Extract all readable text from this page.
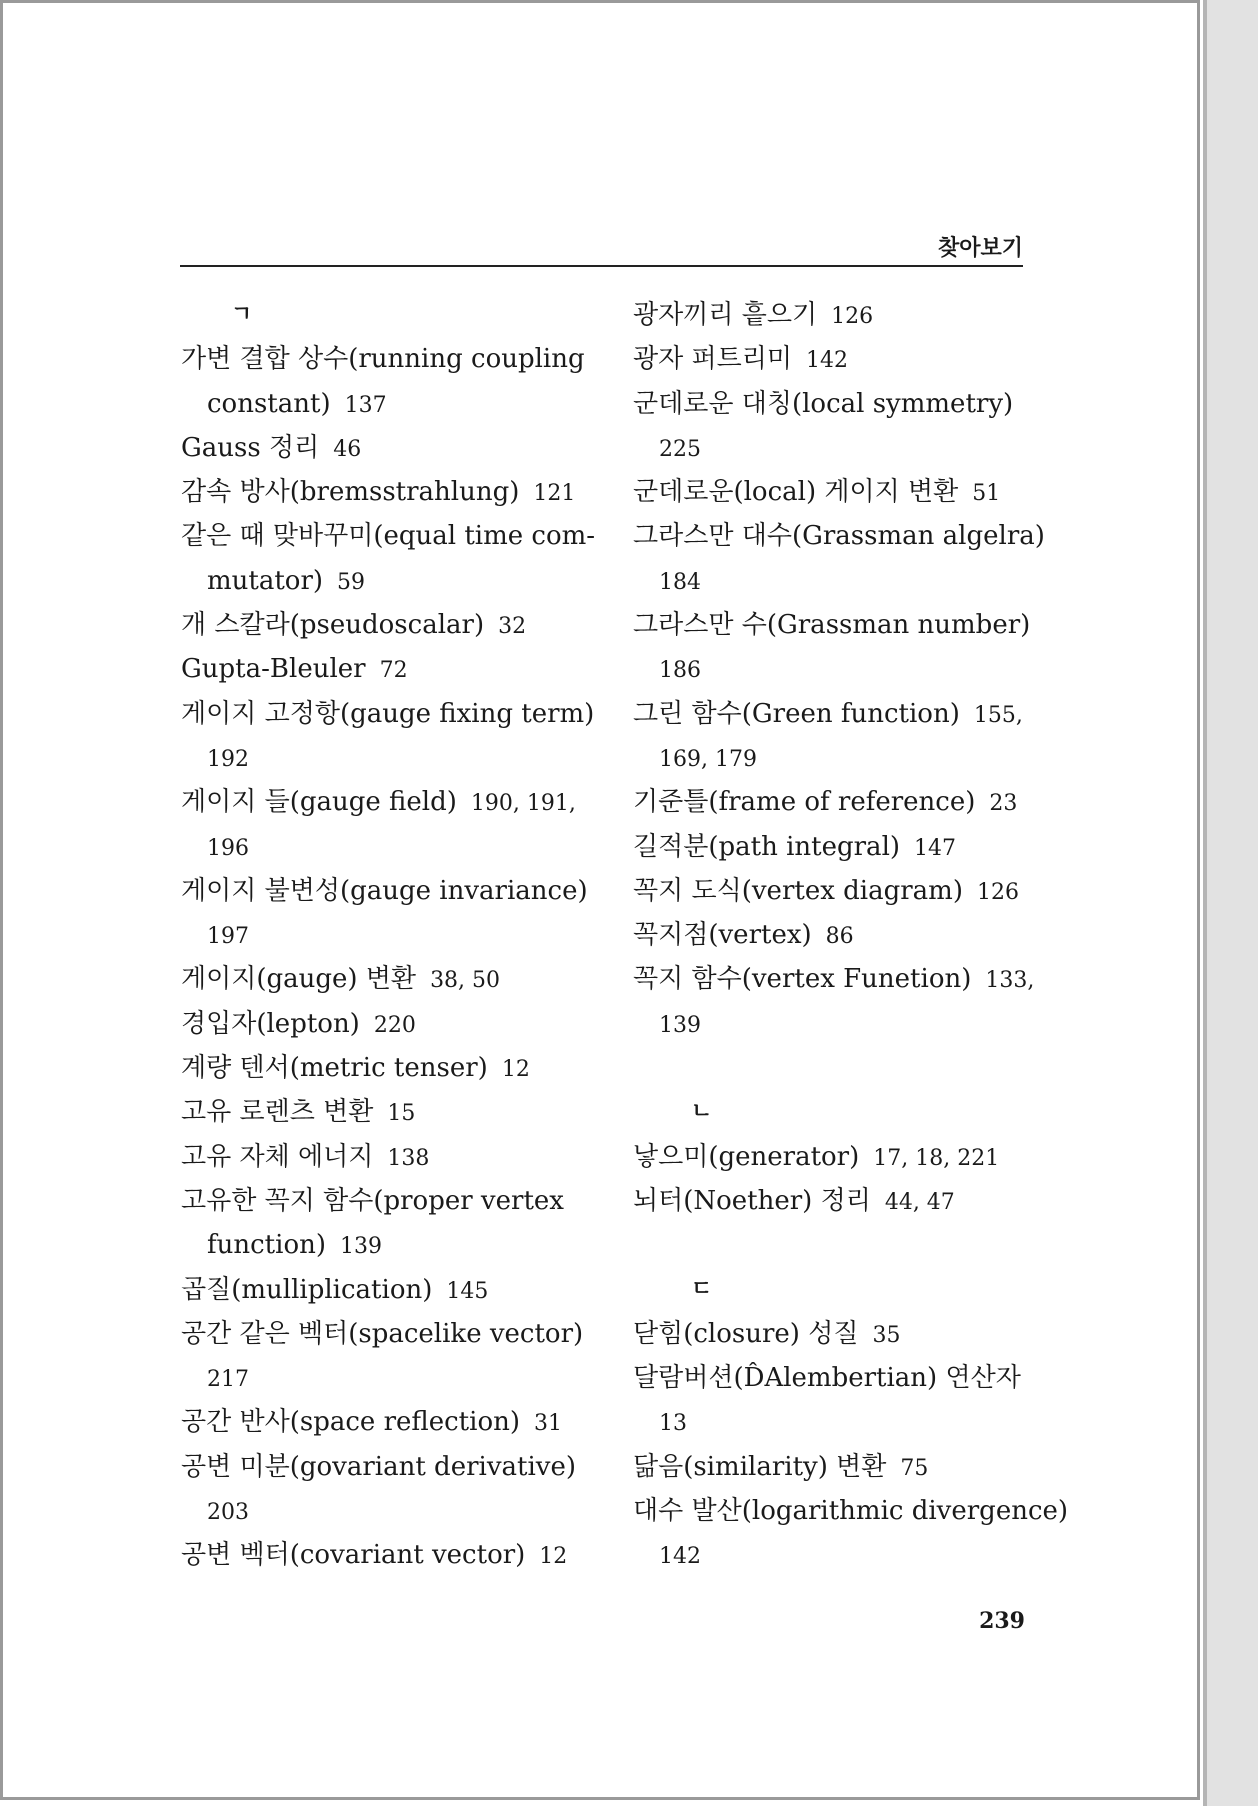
찾아보기
ㄱ
가변 결합 상수(running coupling
constant) 137
Gauss 정리 46
감속 방사(bremsstrahlung) 121
같은 때 맞바꾸미(equal time com-
mutator) 59
개 스칼라(pseudoscalar) 32
Gupta-Bleuler 72
게이지 고정항(gauge fixing term)
192
게이지 들(gauge field) 190, 191,
196
게이지 불변성(gauge invariance)
197
게이지(gauge) 변환 38, 50
경입자(lepton) 220
계량 텐서(metric tenser) 12
고유 로렌츠 변환 15
고유 자체 에너지 138
고유한 꼭지 함수(proper vertex
function) 139
곱질(mulliplication) 145
공간 같은 벡터(spacelike vector)
217
공간 반사(space reflection) 31
공변 미분(govariant derivative)
203
공변 벡터(covariant vector) 12
광자끼리 흩으기 126
광자 퍼트리미 142
군데로운 대칭(local symmetry)
225
군데로운(local) 게이지 변환 51
그라스만 대수(Grassman algelra)
184
그라스만 수(Grassman number)
186
그린 함수(Green function) 155,
169, 179
기준틀(frame of reference) 23
길적분(path integral) 147
꼭지 도식(vertex diagram) 126
꼭지점(vertex) 86
꼭지 함수(vertex Funetion) 133,
139
ㄴ
낳으미(generator) 17, 18, 221
뇌터(Noether) 정리 44, 47
ㄷ
닫힘(closure) 성질 35
달람버션(D̂Alembertian) 연산자
13
닮음(similarity) 변환 75
대수 발산(logarithmic divergence)
142
239
